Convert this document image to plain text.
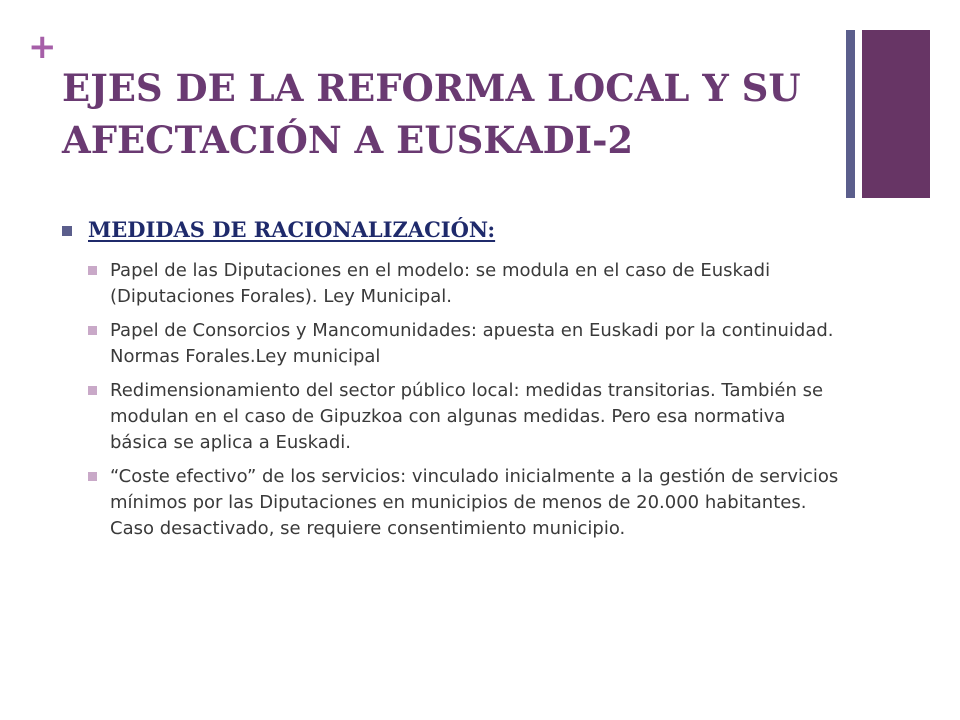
+
EJES DE LA REFORMA LOCAL Y SU AFECTACIÓN A EUSKADI-2
MEDIDAS DE RACIONALIZACIÓN:
Papel de las Diputaciones en el modelo: se modula en el caso de Euskadi (Diputaciones Forales). Ley Municipal.
Papel de Consorcios y Mancomunidades: apuesta en Euskadi por la continuidad. Normas Forales.Ley municipal
Redimensionamiento del sector público local: medidas transitorias. También se modulan en el caso de Gipuzkoa con algunas medidas. Pero esa normativa básica se aplica a Euskadi.
“Coste efectivo” de los servicios: vinculado inicialmente a la gestión de servicios mínimos por las Diputaciones en municipios de menos de 20.000 habitantes. Caso desactivado, se requiere consentimiento municipio.
